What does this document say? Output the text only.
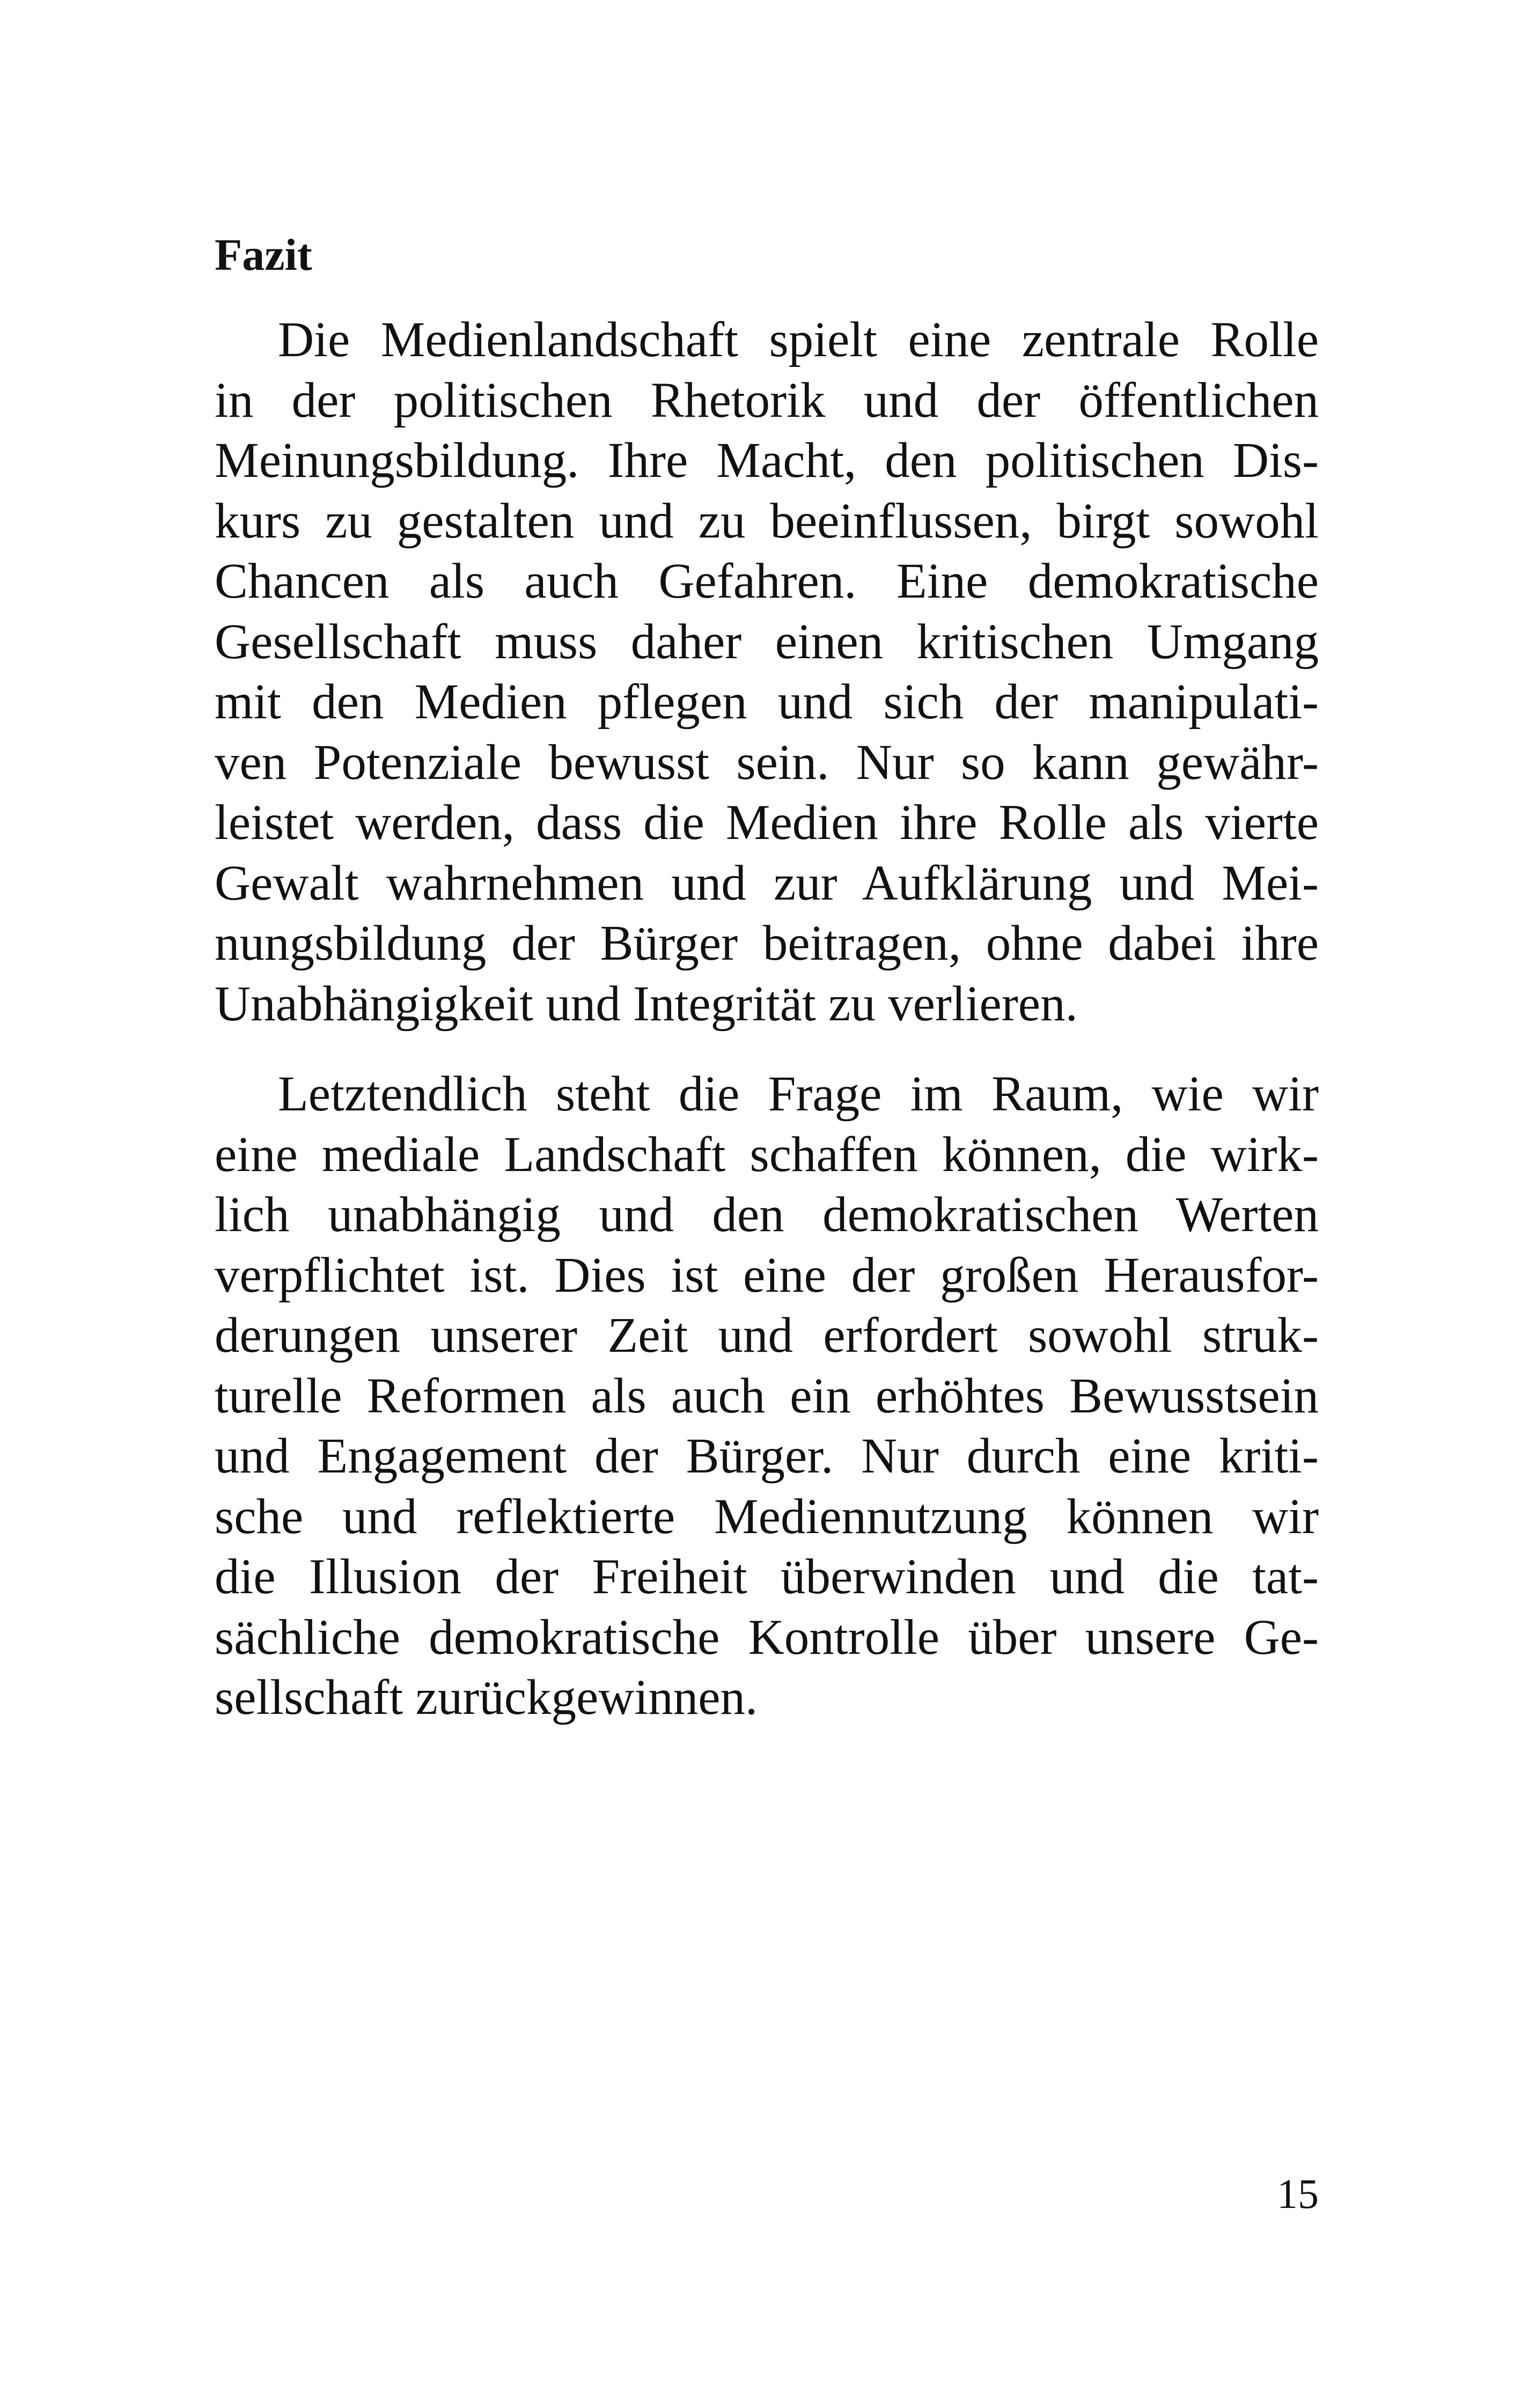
Fazit

Die Medienlandschaft spielt eine zentrale Rolle
in der politischen Rhetorik und der öffentlichen
Meinungsbildung. Ihre Macht, den politischen Dis-
kurs zu gestalten und zu beeinflussen, birgt sowohl
Chancen als auch Gefahren. Eine demokratische
Gesellschaft muss daher einen kritischen Umgang
mit den Medien pflegen und sich der manipulati-
ven Potenziale bewusst sein. Nur so kann gewähr-
leistet werden, dass die Medien ihre Rolle als vierte
Gewalt wahrnehmen und zur Aufklärung und Mei-
nungsbildung der Bürger beitragen, ohne dabei ihre
Unabhängigkeit und Integrität zu verlieren.

Letztendlich steht die Frage im Raum, wie wir
eine mediale Landschaft schaffen können, die wirk-
lich unabhängig und den demokratischen Werten
verpflichtet ist. Dies ist eine der großen Herausfor-
derungen unserer Zeit und erfordert sowohl struk-
turelle Reformen als auch ein erhöhtes Bewusstsein
und Engagement der Bürger. Nur durch eine kriti-
sche und reflektierte Mediennutzung können wir
die Illusion der Freiheit überwinden und die tat-
sächliche demokratische Kontrolle über unsere Ge-
sellschaft zurückgewinnen.

15
